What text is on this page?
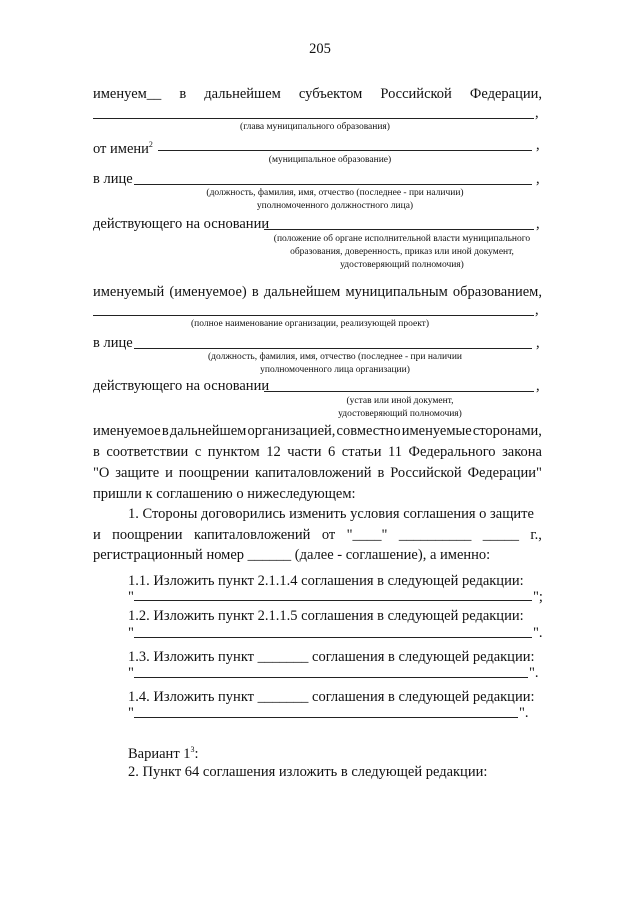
205
именуем__ в дальнейшем субъектом Российской Федерации,
,
(глава муниципального образования)
от имени$^2$	,
(муниципальное образование)
в лице	,
(должность, фамилия, имя, отчество (последнее - при наличии)
уполномоченного должностного лица)
действующего на основании	,
(положение об органе исполнительной власти муниципального
образования, доверенность, приказ или иной документ,
удостоверяющий полномочия)
именуемый (именуемое) в дальнейшем муниципальным образованием,
,
(полное наименование организации, реализующей проект)
в лице	,
(должность, фамилия, имя, отчество (последнее - при наличии
уполномоченного лица организации)
действующего на основании	,
(устав или иной документ,
удостоверяющий полномочия)
именуемое в дальнейшем организацией, совместно именуемые сторонами,
в соответствии с пунктом 12 части 6 статьи 11 Федерального закона
"О защите и поощрении капиталовложений в Российской Федерации"
пришли к соглашению о нижеследующем:
1. Стороны договорились изменить условия соглашения о защите
и поощрении капиталовложений от "____" __________ _____ г.,
регистрационный номер ______ (далее - соглашение), а именно:
1.1. Изложить пункт 2.1.1.4 соглашения в следующей редакции:
"	";
1.2. Изложить пункт 2.1.1.5 соглашения в следующей редакции:
"	".
1.3. Изложить пункт _______ соглашения в следующей редакции:
"	".
1.4. Изложить пункт _______ соглашения в следующей редакции:
"	".
Вариант $1^3$:
2. Пункт 64 соглашения изложить в следующей редакции:
